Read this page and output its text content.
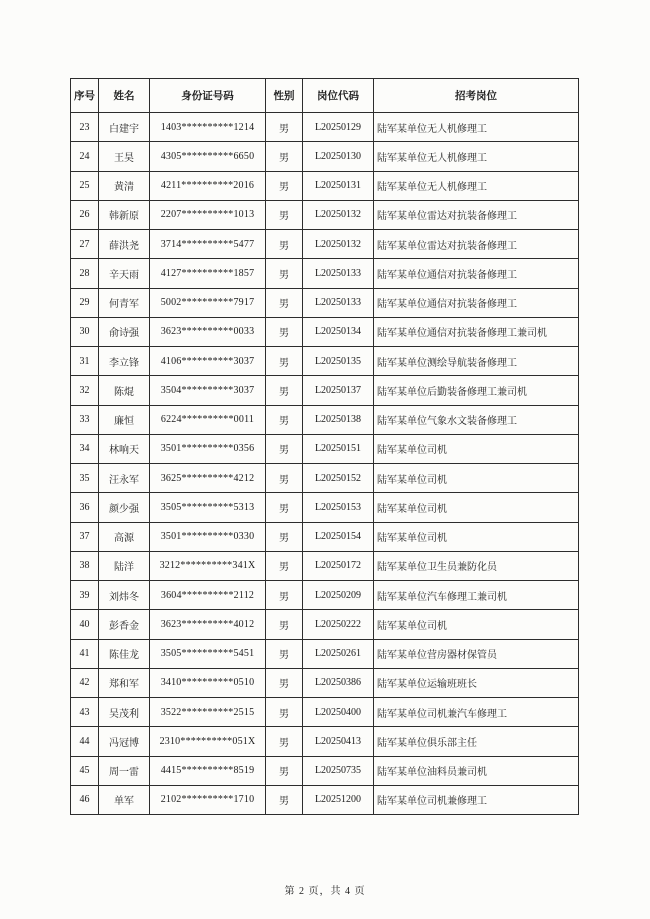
序号	姓名	身份证号码	性别	岗位代码	招考岗位
23	白建宇	1403**********1214	男	L20250129	陆军某单位无人机修理工
24	王昊	4305**********6650	男	L20250130	陆军某单位无人机修理工
25	黄清	4211**********2016	男	L20250131	陆军某单位无人机修理工
26	韩新原	2207**********1013	男	L20250132	陆军某单位雷达对抗装备修理工
27	薛洪尧	3714**********5477	男	L20250132	陆军某单位雷达对抗装备修理工
28	辛天雨	4127**********1857	男	L20250133	陆军某单位通信对抗装备修理工
29	何青军	5002**********7917	男	L20250133	陆军某单位通信对抗装备修理工
30	俞诗强	3623**********0033	男	L20250134	陆军某单位通信对抗装备修理工兼司机
31	李立锋	4106**********3037	男	L20250135	陆军某单位测绘导航装备修理工
32	陈焜	3504**********3037	男	L20250137	陆军某单位后勤装备修理工兼司机
33	廉恒	6224**********0011	男	L20250138	陆军某单位气象水文装备修理工
34	林响天	3501**********0356	男	L20250151	陆军某单位司机
35	汪永军	3625**********4212	男	L20250152	陆军某单位司机
36	颜少强	3505**********5313	男	L20250153	陆军某单位司机
37	高源	3501**********0330	男	L20250154	陆军某单位司机
38	陆洋	3212**********341X	男	L20250172	陆军某单位卫生员兼防化员
39	刘炜冬	3604**********2112	男	L20250209	陆军某单位汽车修理工兼司机
40	彭香金	3623**********4012	男	L20250222	陆军某单位司机
41	陈佳龙	3505**********5451	男	L20250261	陆军某单位营房器材保管员
42	郑和军	3410**********0510	男	L20250386	陆军某单位运输班班长
43	吴茂利	3522**********2515	男	L20250400	陆军某单位司机兼汽车修理工
44	冯冠博	2310**********051X	男	L20250413	陆军某单位俱乐部主任
45	周一雷	4415**********8519	男	L20250735	陆军某单位油料员兼司机
46	单军	2102**********1710	男	L20251200	陆军某单位司机兼修理工
第 2 页，共 4 页
